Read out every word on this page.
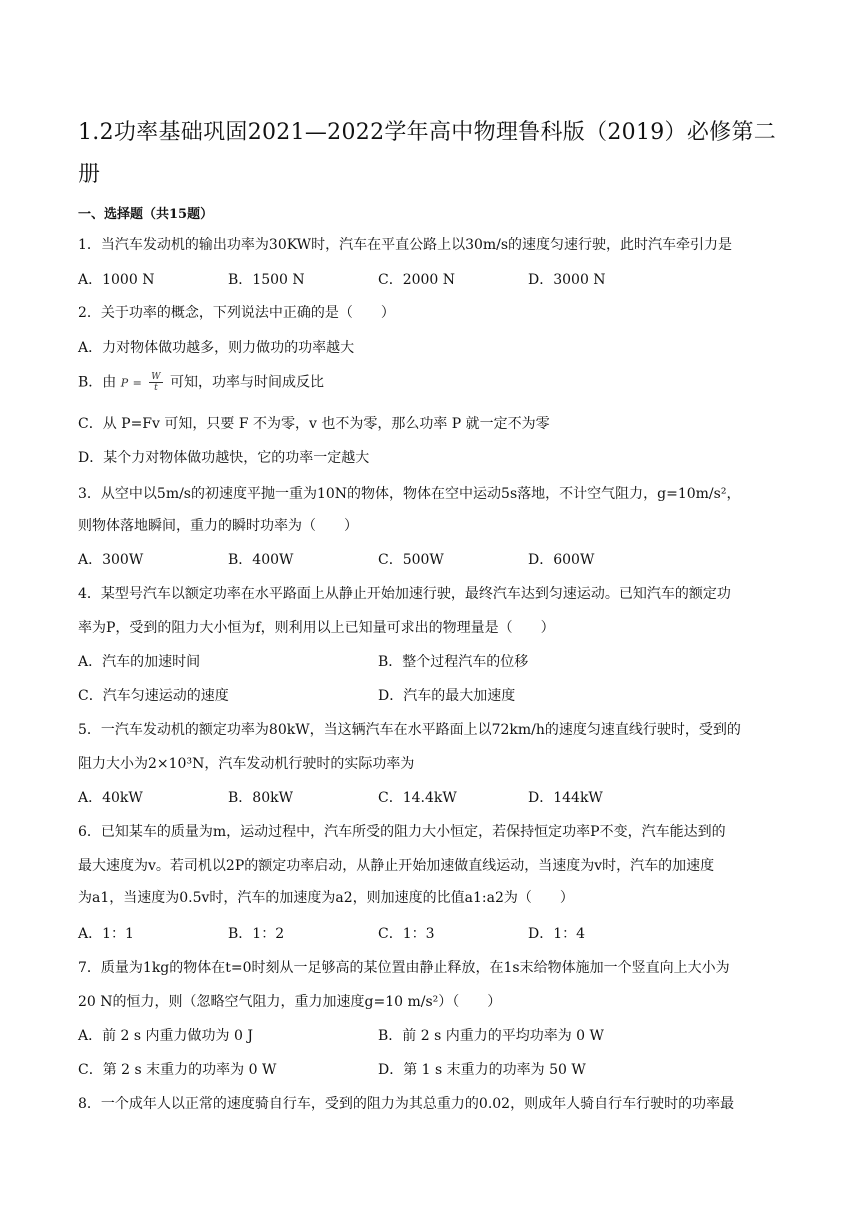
1.2功率基础巩固2021—2022学年高中物理鲁科版（2019）必修第二册

一、选择题（共15题）

1．当汽车发动机的输出功率为30KW时，汽车在平直公路上以30m/s的速度匀速行驶，此时汽车牵引力是

A．1000 N	B．1500 N	C．2000 N	D．3000 N

2．关于功率的概念，下列说法中正确的是（　　）

A．力对物体做功越多，则力做功的功率越大

B．由 $P = \frac{W}{t}$ 可知，功率与时间成反比

C．从 P=Fv 可知，只要 F 不为零，v 也不为零，那么功率 P 就一定不为零

D．某个力对物体做功越快，它的功率一定越大

3．从空中以5m/s的初速度平抛一重为10N的物体，物体在空中运动5s落地，不计空气阻力，g=10m/s²，

则物体落地瞬间，重力的瞬时功率为（　　）

A．300W	B．400W	C．500W	D．600W

4．某型号汽车以额定功率在水平路面上从静止开始加速行驶，最终汽车达到匀速运动。已知汽车的额定功

率为P，受到的阻力大小恒为f，则利用以上已知量可求出的物理量是（　　）

A．汽车的加速时间	B．整个过程汽车的位移
C．汽车匀速运动的速度	D．汽车的最大加速度

5．一汽车发动机的额定功率为80kW，当这辆汽车在水平路面上以72km/h的速度匀速直线行驶时，受到的

阻力大小为2×10³N，汽车发动机行驶时的实际功率为

A．40kW	B．80kW	C．14.4kW	D．144kW

6．已知某车的质量为m，运动过程中，汽车所受的阻力大小恒定，若保持恒定功率P不变，汽车能达到的

最大速度为v。若司机以2P的额定功率启动，从静止开始加速做直线运动，当速度为v时，汽车的加速度

为a1，当速度为0.5v时，汽车的加速度为a2，则加速度的比值a1:a2为（　　）

A．1：1	B．1：2	C．1：3	D．1：4

7．质量为1kg的物体在t=0时刻从一足够高的某位置由静止释放，在1s末给物体施加一个竖直向上大小为

20 N的恒力，则（忽略空气阻力，重力加速度g=10 m/s²）（　　）

A．前 2 s 内重力做功为 0 J	B．前 2 s 内重力的平均功率为 0 W
C．第 2 s 末重力的功率为 0 W	D．第 1 s 末重力的功率为 50 W

8．一个成年人以正常的速度骑自行车，受到的阻力为其总重力的0.02，则成年人骑自行车行驶时的功率最
